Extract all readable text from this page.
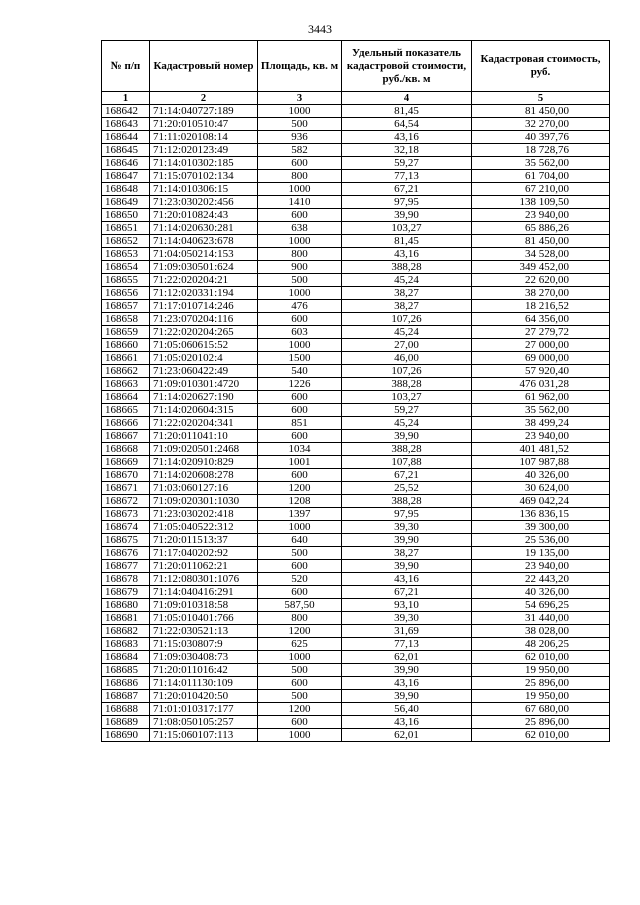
3443
№ п/п	Кадастровый номер	Площадь, кв. м	Удельный показатель кадастровой стоимости, руб./кв. м	Кадастровая стоимость, руб.
1	2	3	4	5
168642	71:14:040727:189	1000	81,45	81 450,00
168643	71:20:010510:47	500	64,54	32 270,00
168644	71:11:020108:14	936	43,16	40 397,76
168645	71:12:020123:49	582	32,18	18 728,76
168646	71:14:010302:185	600	59,27	35 562,00
168647	71:15:070102:134	800	77,13	61 704,00
168648	71:14:010306:15	1000	67,21	67 210,00
168649	71:23:030202:456	1410	97,95	138 109,50
168650	71:20:010824:43	600	39,90	23 940,00
168651	71:14:020630:281	638	103,27	65 886,26
168652	71:14:040623:678	1000	81,45	81 450,00
168653	71:04:050214:153	800	43,16	34 528,00
168654	71:09:030501:624	900	388,28	349 452,00
168655	71:22:020204:21	500	45,24	22 620,00
168656	71:12:020331:194	1000	38,27	38 270,00
168657	71:17:010714:246	476	38,27	18 216,52
168658	71:23:070204:116	600	107,26	64 356,00
168659	71:22:020204:265	603	45,24	27 279,72
168660	71:05:060615:52	1000	27,00	27 000,00
168661	71:05:020102:4	1500	46,00	69 000,00
168662	71:23:060422:49	540	107,26	57 920,40
168663	71:09:010301:4720	1226	388,28	476 031,28
168664	71:14:020627:190	600	103,27	61 962,00
168665	71:14:020604:315	600	59,27	35 562,00
168666	71:22:020204:341	851	45,24	38 499,24
168667	71:20:011041:10	600	39,90	23 940,00
168668	71:09:020501:2468	1034	388,28	401 481,52
168669	71:14:020910:829	1001	107,88	107 987,88
168670	71:14:020608:278	600	67,21	40 326,00
168671	71:03:060127:16	1200	25,52	30 624,00
168672	71:09:020301:1030	1208	388,28	469 042,24
168673	71:23:030202:418	1397	97,95	136 836,15
168674	71:05:040522:312	1000	39,30	39 300,00
168675	71:20:011513:37	640	39,90	25 536,00
168676	71:17:040202:92	500	38,27	19 135,00
168677	71:20:011062:21	600	39,90	23 940,00
168678	71:12:080301:1076	520	43,16	22 443,20
168679	71:14:040416:291	600	67,21	40 326,00
168680	71:09:010318:58	587,50	93,10	54 696,25
168681	71:05:010401:766	800	39,30	31 440,00
168682	71:22:030521:13	1200	31,69	38 028,00
168683	71:15:030807:9	625	77,13	48 206,25
168684	71:09:030408:73	1000	62,01	62 010,00
168685	71:20:011016:42	500	39,90	19 950,00
168686	71:14:011130:109	600	43,16	25 896,00
168687	71:20:010420:50	500	39,90	19 950,00
168688	71:01:010317:177	1200	56,40	67 680,00
168689	71:08:050105:257	600	43,16	25 896,00
168690	71:15:060107:113	1000	62,01	62 010,00
